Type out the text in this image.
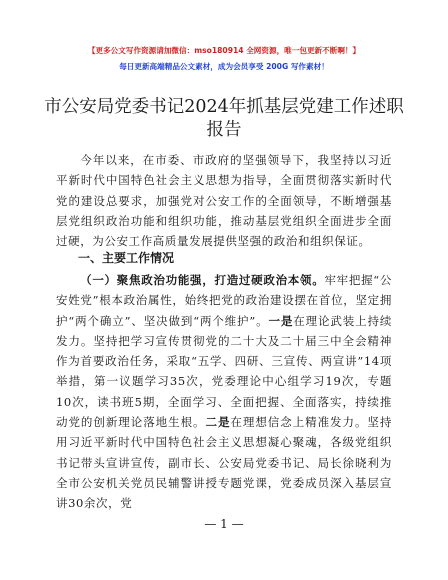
【更多公文写作资源请加微信：mso180914 全网资源，唯一包更新不断啊！】
每日更新高端精品公文素材，成为会员享受 200G 写作素材！
市公安局党委书记2024年抓基层党建工作述职
报告
今年以来，在市委、市政府的坚强领导下，我坚持以习近平新时代中国特色社会主义思想为指导，全面贯彻落实新时代党的建设总要求，加强党对公安工作的全面领导，不断增强基层党组织政治功能和组织功能，推动基层党组织全面进步全面过硬，为公安工作高质量发展提供坚强的政治和组织保证。
一、主要工作情况
（一）聚焦政治功能强，打造过硬政治本领。牢牢把握“公安姓党”根本政治属性，始终把党的政治建设摆在首位，坚定拥护“两个确立”、坚决做到“两个维护”。一是在理论武装上持续发力。坚持把学习宣传贯彻党的二十大及二十届三中全会精神作为首要政治任务，采取“五学、四研、三宣传、两宣讲”14项举措，第一议题学习35次，党委理论中心组学习19次，专题10次，读书班5期，全面学习、全面把握、全面落实，持续推动党的创新理论落地生根。二是在理想信念上精准发力。坚持用习近平新时代中国特色社会主义思想凝心聚魂，各级党组织书记带头宣讲宣传，副市长、公安局党委书记、局长徐晓利为全市公安机关党员民辅警讲授专题党课，党委成员深入基层宣讲30余次，党
— 1 —
